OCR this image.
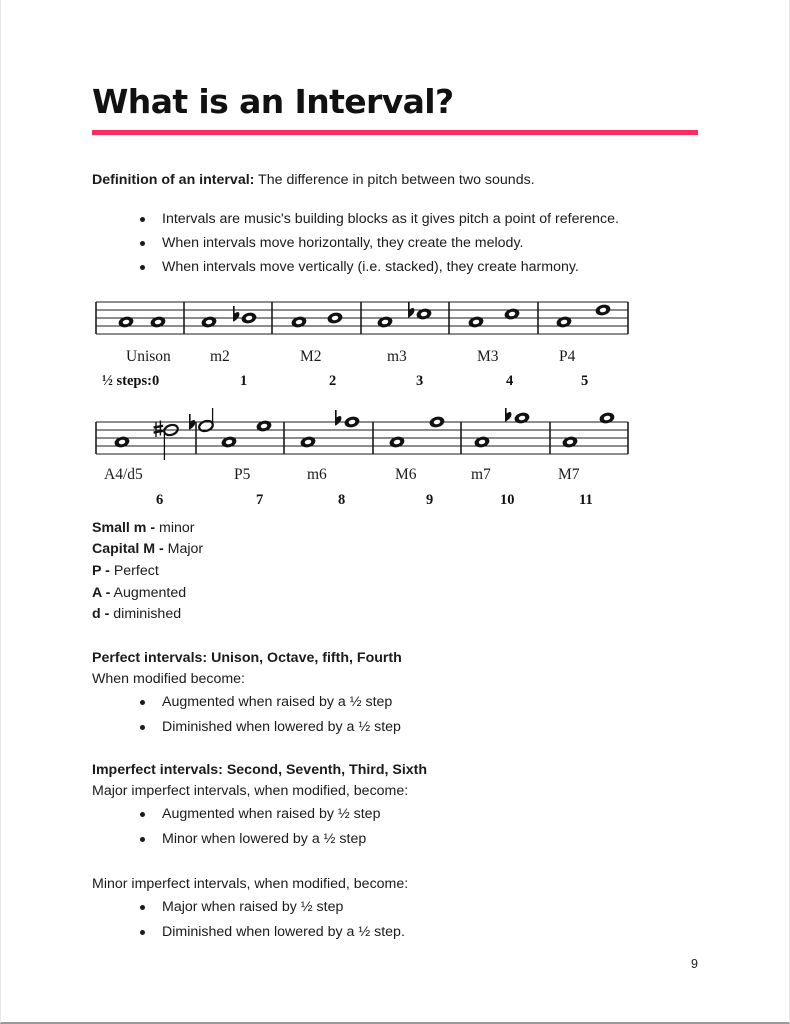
What is an Interval?

Definition of an interval: The difference in pitch between two sounds.

Intervals are music's building blocks as it gives pitch a point of reference.
When intervals move horizontally, they create the melody.
When intervals move vertically (i.e. stacked), they create harmony.
Unison	m2	M2	m3	M3	P4
½ steps: 0	1	2	3	4	5
A4/d5	P5	m6	M6	m7	M7
6	7	8	9	10	11
Small m - minor
Capital M - Major
P - Perfect
A - Augmented
d - diminished
Perfect intervals: Unison, Octave, fifth, Fourth
When modified become:
Augmented when raised by a ½ step
Diminished when lowered by a ½ step
Imperfect intervals: Second, Seventh, Third, Sixth
Major imperfect intervals, when modified, become:
Augmented when raised by ½ step
Minor when lowered by a ½ step
Minor imperfect intervals, when modified, become:
Major when raised by ½ step
Diminished when lowered by a ½ step.
9
